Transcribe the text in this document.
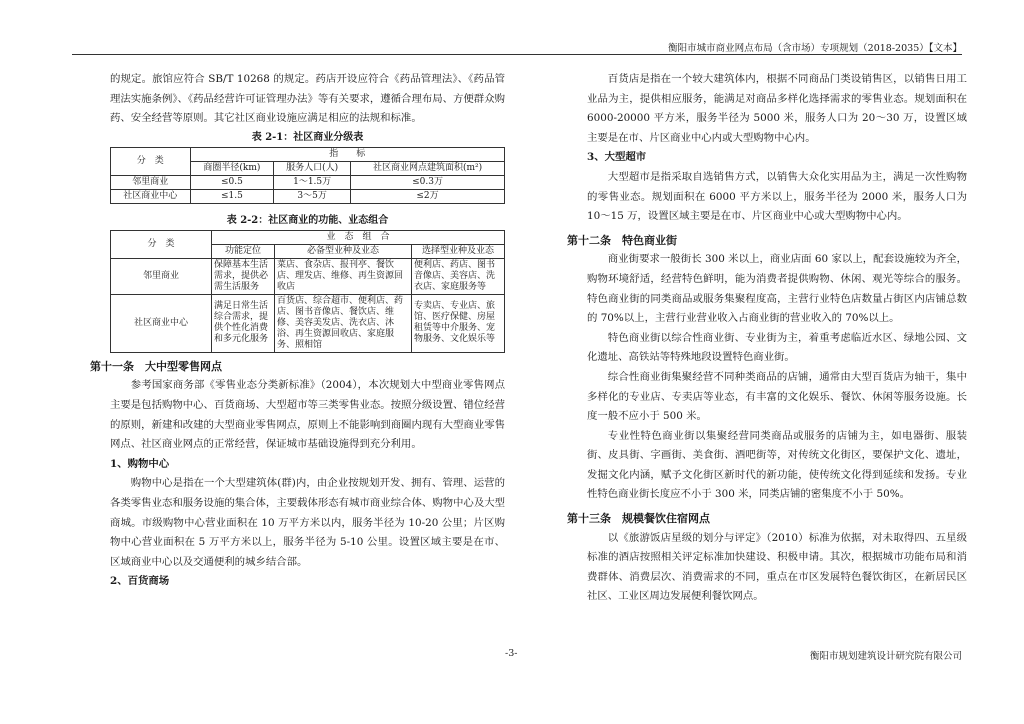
衡阳市城市商业网点布局（含市场）专项规划（2018-2035）【文本】

的规定。旅馆应符合 SB/T 10268 的规定。药店开设应符合《药品管理法》、《药品管理法实施条例》、《药品经营许可证管理办法》等有关要求，遵循合理布局、方便群众购药、安全经营等原则。其它社区商业设施应满足相应的法规和标准。

表 2-1：社区商业分级表

分　类	指　　标		
	商圈半径(km)	服务人口(人)	社区商业网点建筑面积(m²)
邻里商业	≤0.5	1～1.5万	≤0.3万
社区商业中心	≤1.5	3～5万	≤2万

表 2-2：社区商业的功能、业态组合

分　类	业　态　组　合		
	功能定位	必备型业种及业态	选择型业种及业态
邻里商业	保障基本生活需求，提供必需生活服务	菜店、食杂店、报刊亭、餐饮店、理发店、维修、再生资源回收店	便利店、药店、图书音像店、美容店、洗衣店、家庭服务等
社区商业中心	满足日常生活综合需求，提供个性化消费和多元化服务	百货店、综合超市、便利店、药店、图书音像店、餐饮店、维修、美容美发店、洗衣店、沐浴、再生资源回收店、家庭服务、照相馆	专卖店、专业店、旅馆、医疗保健、房屋租赁等中介服务、宠物服务、文化娱乐等

第十一条　大中型零售网点

参考国家商务部《零售业态分类新标准》（2004），本次规划大中型商业零售网点主要是包括购物中心、百货商场、大型超市等三类零售业态。按照分级设置、错位经营的原则，新建和改建的大型商业零售网点，原则上不能影响到商圈内现有大型商业零售网点、社区商业网点的正常经营，保证城市基础设施得到充分利用。

1、购物中心

购物中心是指在一个大型建筑体(群)内，由企业按规划开发、拥有、管理、运营的各类零售业态和服务设施的集合体，主要载体形态有城市商业综合体、购物中心及大型商城。市级购物中心营业面积在 10 万平方米以内，服务半径为 10-20 公里；片区购物中心营业面积在 5 万平方米以上，服务半径为 5-10 公里。设置区域主要是在市、区域商业中心以及交通便利的城乡结合部。

2、百货商场

百货店是指在一个较大建筑体内，根据不同商品门类设销售区，以销售日用工业品为主，提供相应服务，能满足对商品多样化选择需求的零售业态。规划面积在 6000-20000 平方米，服务半径为 5000 米，服务人口为 20～30 万，设置区域主要是在市、片区商业中心内或大型购物中心内。

3、大型超市

大型超市是指采取自选销售方式，以销售大众化实用品为主，满足一次性购物的零售业态。规划面积在 6000 平方米以上，服务半径为 2000 米，服务人口为 10～15 万，设置区域主要是在市、片区商业中心或大型购物中心内。

第十二条　特色商业街

商业街要求一般街长 300 米以上，商业店面 60 家以上，配套设施较为齐全，购物环境舒适，经营特色鲜明，能为消费者提供购物、休闲、观光等综合的服务。特色商业街的同类商品或服务集聚程度高，主营行业特色店数量占街区内店铺总数的 70%以上，主营行业营业收入占商业街的营业收入的 70%以上。

特色商业街以综合性商业街、专业街为主，着重考虑临近水区、绿地公园、文化遗址、高铁站等特殊地段设置特色商业街。

综合性商业街集聚经营不同种类商品的店铺，通常由大型百货店为轴干，集中多样化的专业店、专卖店等业态，有丰富的文化娱乐、餐饮、休闲等服务设施。长度一般不应小于 500 米。

专业性特色商业街以集聚经营同类商品或服务的店铺为主，如电器街、服装街、皮具街、字画街、美食街、酒吧街等，对传统文化街区，要保护文化、遗址，发掘文化内涵，赋予文化街区新时代的新功能，使传统文化得到延续和发扬。专业性特色商业街长度应不小于 300 米，同类店铺的密集度不小于 50%。

第十三条　规模餐饮住宿网点

以《旅游饭店星级的划分与评定》（2010）标准为依据，对未取得四、五星级标准的酒店按照相关评定标准加快建设、积极申请。其次，根据城市功能布局和消费群体、消费层次、消费需求的不同，重点在市区发展特色餐饮街区，在新居民区社区、工业区周边发展便利餐饮网点。

-3-	衡阳市规划建筑设计研究院有限公司
